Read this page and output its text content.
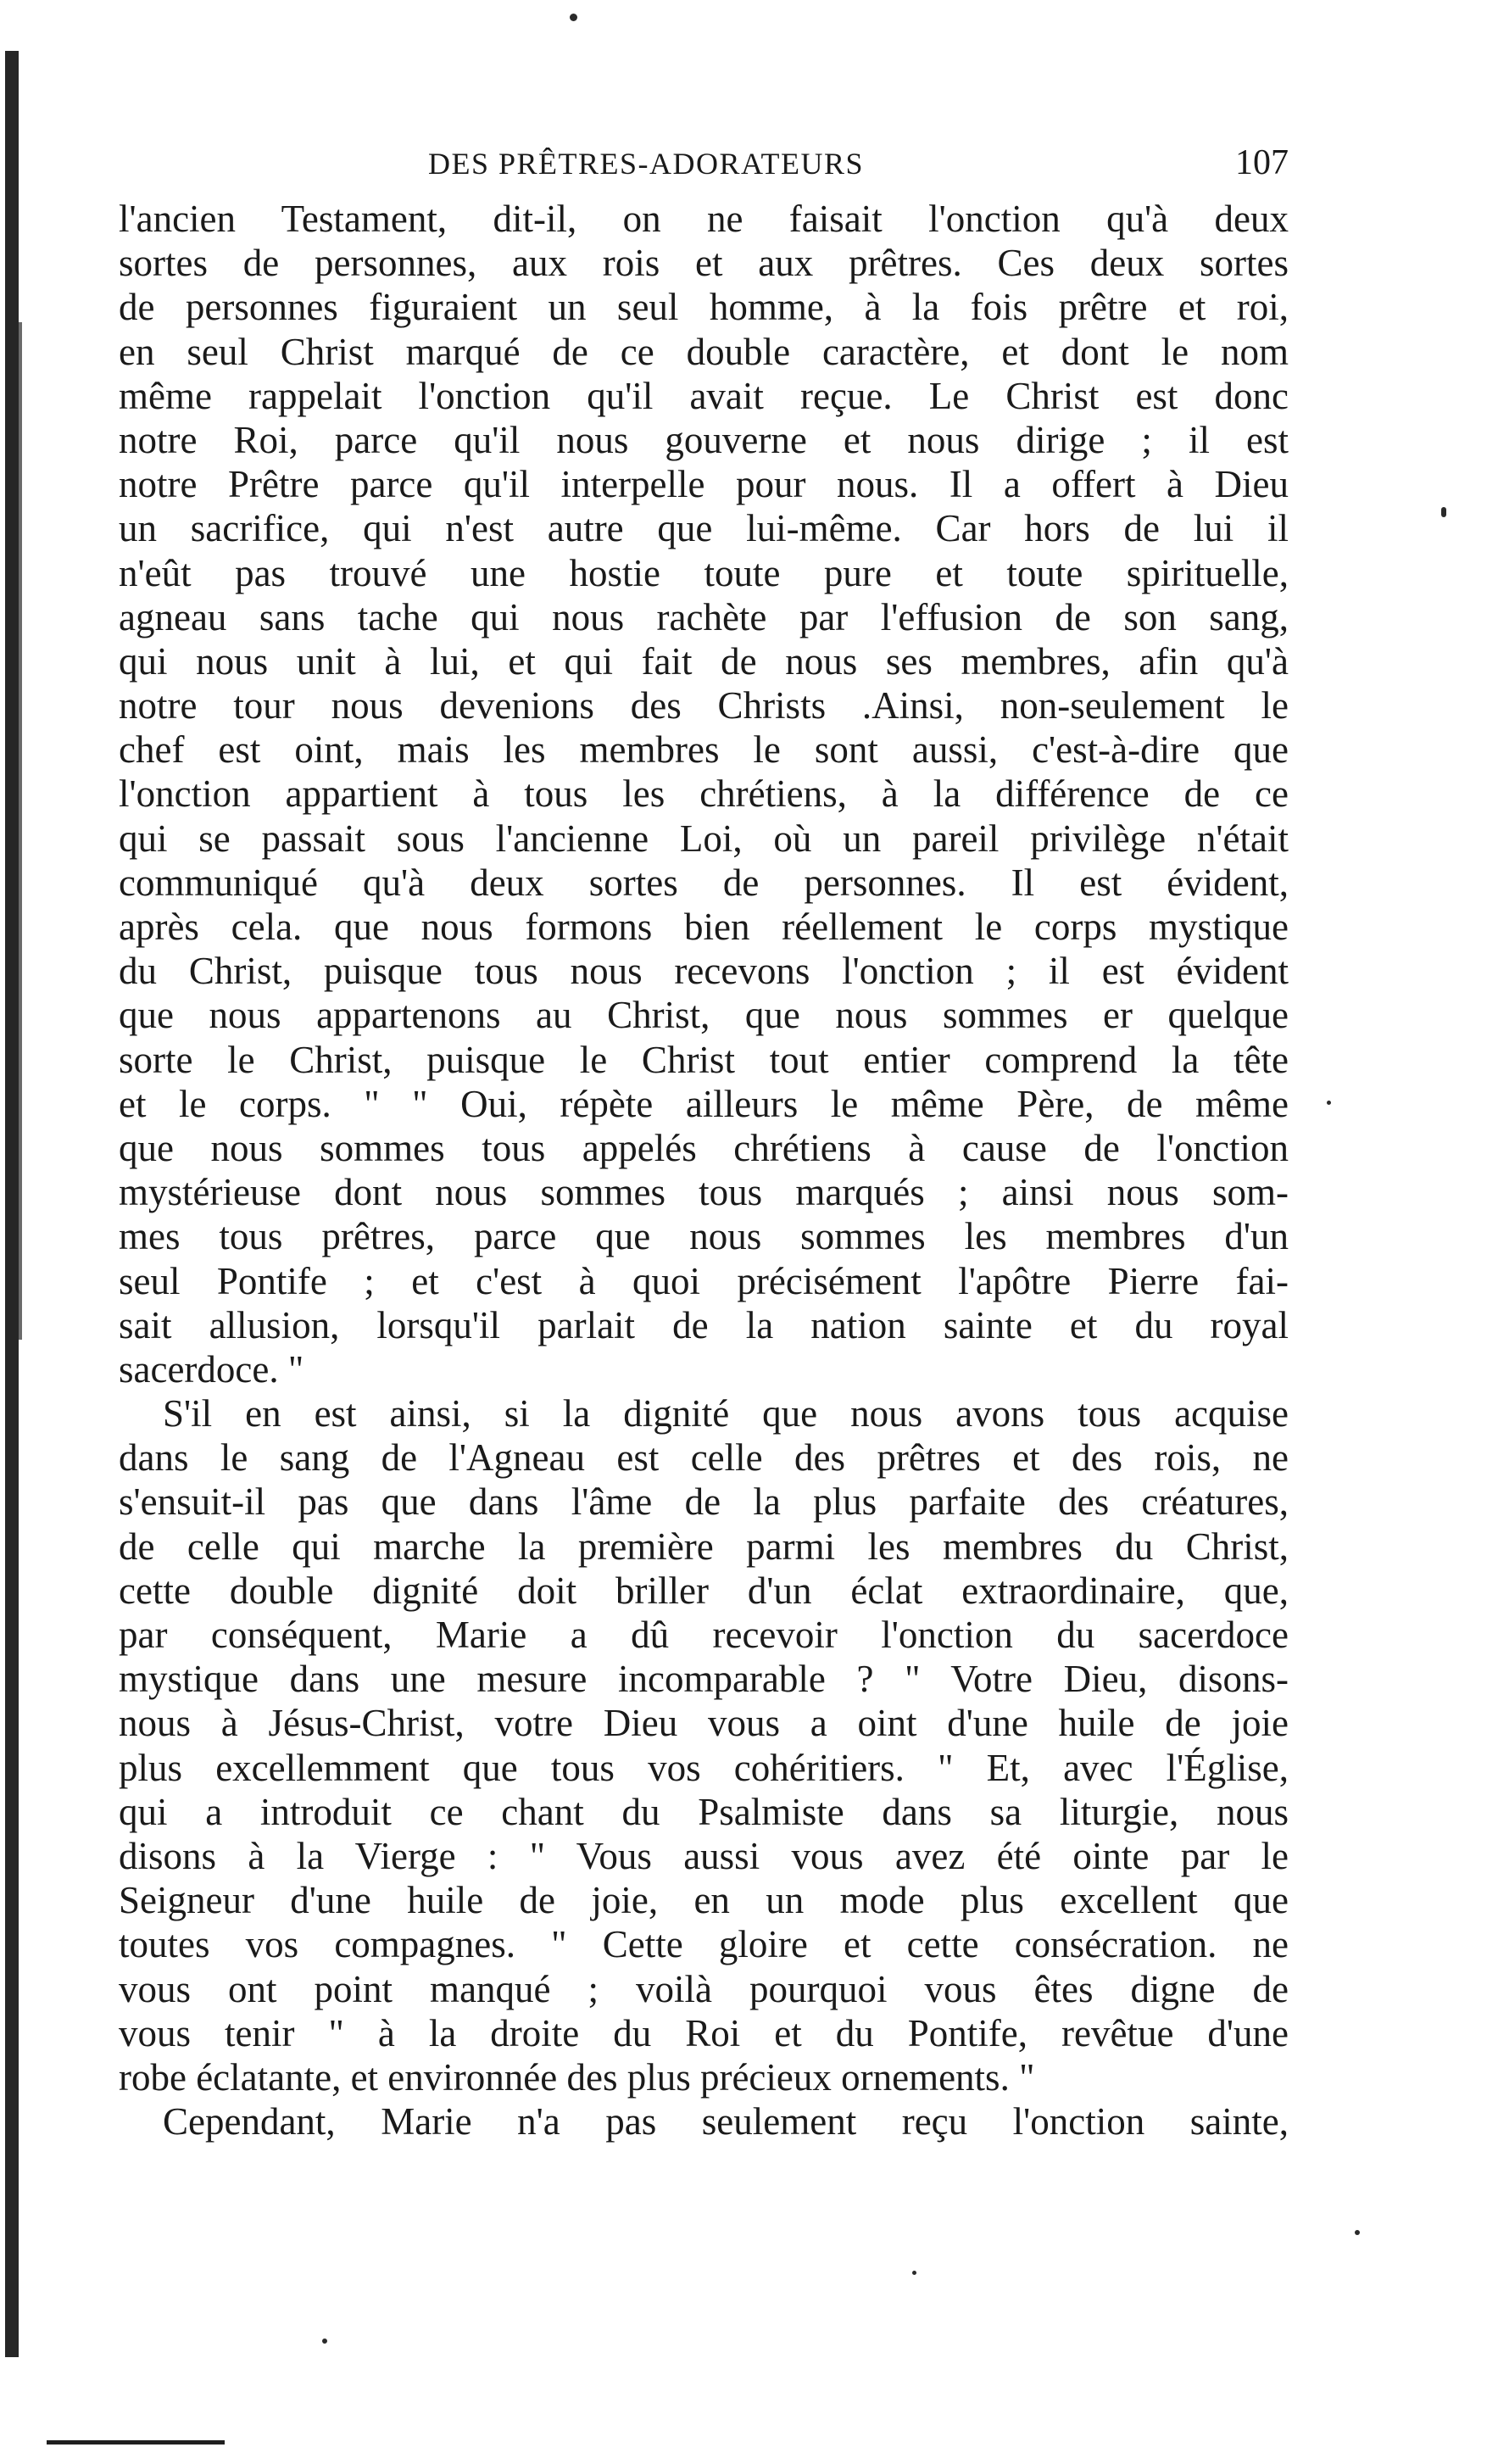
DES PRÊTRES-ADORATEURS	107
l'ancien Testament, dit-il, on ne faisait l'onction qu'à deux
sortes de personnes, aux rois et aux prêtres. Ces deux sortes
de personnes figuraient un seul homme, à la fois prêtre et roi,
en seul Christ marqué de ce double caractère, et dont le nom
même rappelait l'onction qu'il avait reçue. Le Christ est donc
notre Roi, parce qu'il nous gouverne et nous dirige ; il est
notre Prêtre parce qu'il interpelle pour nous. Il a offert à Dieu
un sacrifice, qui n'est autre que lui-même. Car hors de lui il
n'eût pas trouvé une hostie toute pure et toute spirituelle,
agneau sans tache qui nous rachète par l'effusion de son sang,
qui nous unit à lui, et qui fait de nous ses membres, afin qu'à
notre tour nous devenions des Christs .Ainsi, non-seulement le
chef est oint, mais les membres le sont aussi, c'est-à-dire que
l'onction appartient à tous les chrétiens, à la différence de ce
qui se passait sous l'ancienne Loi, où un pareil privilège n'était
communiqué qu'à deux sortes de personnes. Il est évident,
après cela. que nous formons bien réellement le corps mystique
du Christ, puisque tous nous recevons l'onction ; il est évident
que nous appartenons au Christ, que nous sommes er quelque
sorte le Christ, puisque le Christ tout entier comprend la tête
et le corps. " " Oui, répète ailleurs le même Père, de même
que nous sommes tous appelés chrétiens à cause de l'onction
mystérieuse dont nous sommes tous marqués ; ainsi nous som-
mes tous prêtres, parce que nous sommes les membres d'un
seul Pontife ; et c'est à quoi précisément l'apôtre Pierre fai-
sait allusion, lorsqu'il parlait de la nation sainte et du royal
sacerdoce. "
S'il en est ainsi, si la dignité que nous avons tous acquise
dans le sang de l'Agneau est celle des prêtres et des rois, ne
s'ensuit-il pas que dans l'âme de la plus parfaite des créatures,
de celle qui marche la première parmi les membres du Christ,
cette double dignité doit briller d'un éclat extraordinaire, que,
par conséquent, Marie a dû recevoir l'onction du sacerdoce
mystique dans une mesure incomparable ? " Votre Dieu, disons-
nous à Jésus-Christ, votre Dieu vous a oint d'une huile de joie
plus excellemment que tous vos cohéritiers. " Et, avec l'Église,
qui a introduit ce chant du Psalmiste dans sa liturgie, nous
disons à la Vierge : " Vous aussi vous avez été ointe par le
Seigneur d'une huile de joie, en un mode plus excellent que
toutes vos compagnes. " Cette gloire et cette consécration. ne
vous ont point manqué ; voilà pourquoi vous êtes digne de
vous tenir " à la droite du Roi et du Pontife, revêtue d'une
robe éclatante, et environnée des plus précieux ornements. "
Cependant, Marie n'a pas seulement reçu l'onction sainte,
